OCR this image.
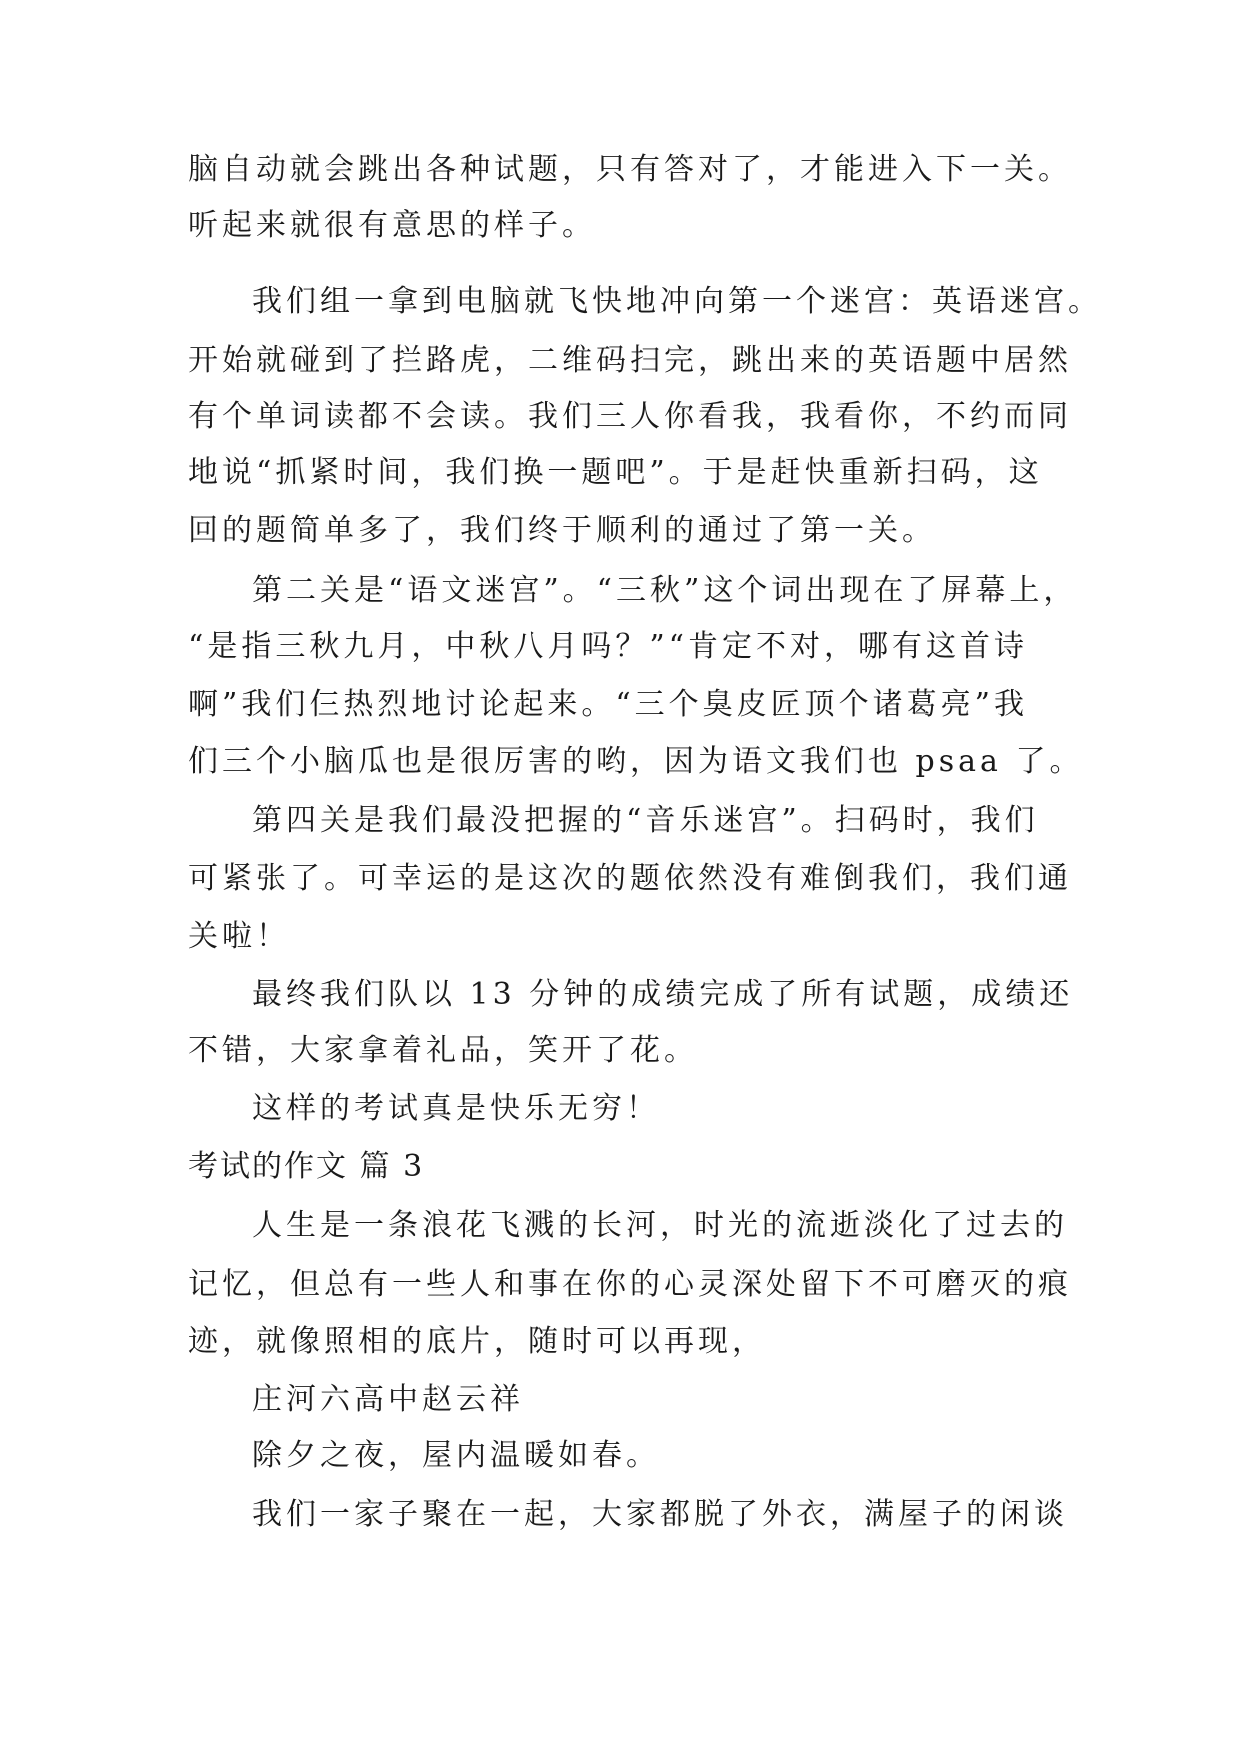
脑自动就会跳出各种试题，只有答对了，才能进入下一关。
听起来就很有意思的样子。
我们组一拿到电脑就飞快地冲向第一个迷宫：英语迷宫。
开始就碰到了拦路虎，二维码扫完，跳出来的英语题中居然
有个单词读都不会读。我们三人你看我，我看你，不约而同
地说“抓紧时间，我们换一题吧”。于是赶快重新扫码，这
回的题简单多了，我们终于顺利的通过了第一关。
第二关是“语文迷宫”。“三秋”这个词出现在了屏幕上，
“是指三秋九月，中秋八月吗？”“肯定不对，哪有这首诗
啊”我们仨热烈地讨论起来。“三个臭皮匠顶个诸葛亮”我
们三个小脑瓜也是很厉害的哟，因为语文我们也 psaa 了。
第四关是我们最没把握的“音乐迷宫”。扫码时，我们
可紧张了。可幸运的是这次的题依然没有难倒我们，我们通
关啦！
最终我们队以 13 分钟的成绩完成了所有试题，成绩还
不错，大家拿着礼品，笑开了花。
这样的考试真是快乐无穷！
考试的作文 篇 3
人生是一条浪花飞溅的长河，时光的流逝淡化了过去的
记忆，但总有一些人和事在你的心灵深处留下不可磨灭的痕
迹，就像照相的底片，随时可以再现，
庄河六高中赵云祥
除夕之夜，屋内温暖如春。
我们一家子聚在一起，大家都脱了外衣，满屋子的闲谈
